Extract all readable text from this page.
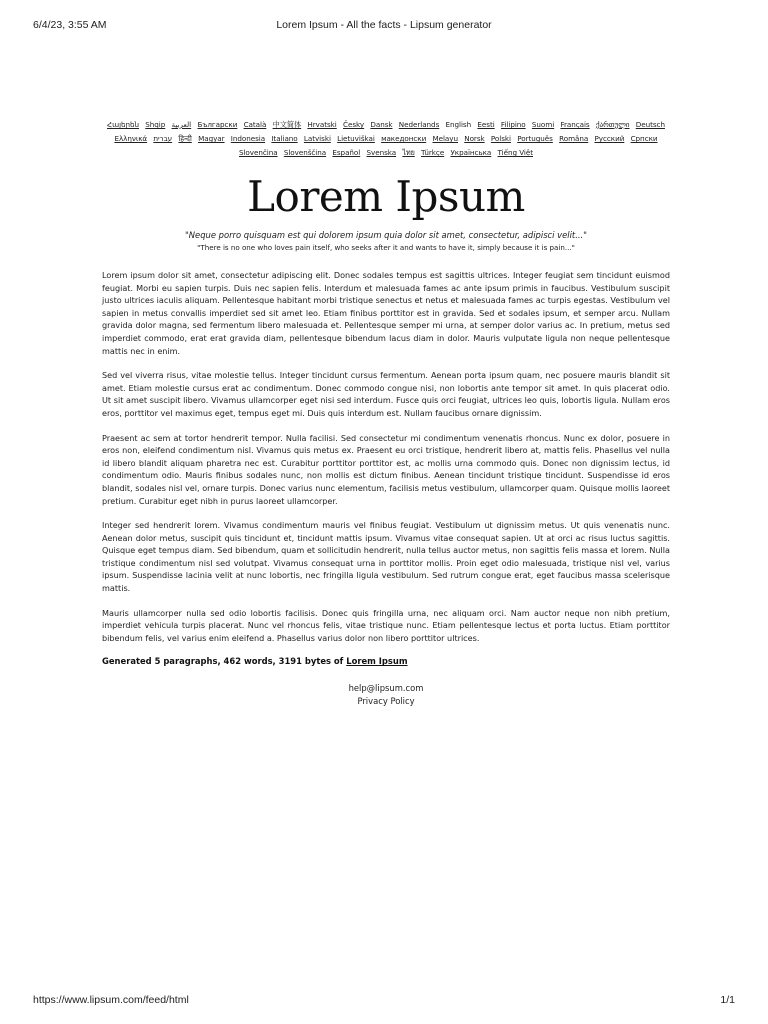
6/4/23, 3:55 AM	Lorem Ipsum - All the facts - Lipsum generator
Հայերեն Shqip العربية Български Català 中文简体 Hrvatski Česky Dansk Nederlands English Eesti Filipino Suomi Français ქართული Deutsch Ελληνικά עברית हिन्दी Magyar Indonesia Italiano Latviski Lietuviškai македонски Melayu Norsk Polski Português Româna Pyccкий Српски Slovenčina Slovenščina Español Svenska ไทย Türkçe Українська Tiếng Việt
Lorem Ipsum
"Neque porro quisquam est qui dolorem ipsum quia dolor sit amet, consectetur, adipisci velit..."
"There is no one who loves pain itself, who seeks after it and wants to have it, simply because it is pain..."

Lorem ipsum dolor sit amet, consectetur adipiscing elit. Donec sodales tempus est sagittis ultrices. Integer feugiat sem tincidunt euismod feugiat. Morbi eu sapien turpis. Duis nec sapien felis. Interdum et malesuada fames ac ante ipsum primis in faucibus. Vestibulum suscipit justo ultrices iaculis aliquam. Pellentesque habitant morbi tristique senectus et netus et malesuada fames ac turpis egestas. Vestibulum vel sapien in metus convallis imperdiet sed sit amet leo. Etiam finibus porttitor est in gravida. Sed et sodales ipsum, et semper arcu. Nullam gravida dolor magna, sed fermentum libero malesuada et. Pellentesque semper mi urna, at semper dolor varius ac. In pretium, metus sed imperdiet commodo, erat erat gravida diam, pellentesque bibendum lacus diam in dolor. Mauris vulputate ligula non neque pellentesque mattis nec in enim.

Sed vel viverra risus, vitae molestie tellus. Integer tincidunt cursus fermentum. Aenean porta ipsum quam, nec posuere mauris blandit sit amet. Etiam molestie cursus erat ac condimentum. Donec commodo congue nisi, non lobortis ante tempor sit amet. In quis placerat odio. Ut sit amet suscipit libero. Vivamus ullamcorper eget nisi sed interdum. Fusce quis orci feugiat, ultrices leo quis, lobortis ligula. Nullam eros eros, porttitor vel maximus eget, tempus eget mi. Duis quis interdum est. Nullam faucibus ornare dignissim.

Praesent ac sem at tortor hendrerit tempor. Nulla facilisi. Sed consectetur mi condimentum venenatis rhoncus. Nunc ex dolor, posuere in eros non, eleifend condimentum nisl. Vivamus quis metus ex. Praesent eu orci tristique, hendrerit libero at, mattis felis. Phasellus vel nulla id libero blandit aliquam pharetra nec est. Curabitur porttitor porttitor est, ac mollis urna commodo quis. Donec non dignissim lectus, id condimentum odio. Mauris finibus sodales nunc, non mollis est dictum finibus. Aenean tincidunt tristique tincidunt. Suspendisse id eros blandit, sodales nisl vel, ornare turpis. Donec varius nunc elementum, facilisis metus vestibulum, ullamcorper quam. Quisque mollis laoreet pretium. Curabitur eget nibh in purus laoreet ullamcorper.

Integer sed hendrerit lorem. Vivamus condimentum mauris vel finibus feugiat. Vestibulum ut dignissim metus. Ut quis venenatis nunc. Aenean dolor metus, suscipit quis tincidunt et, tincidunt mattis ipsum. Vivamus vitae consequat sapien. Ut at orci ac risus luctus sagittis. Quisque eget tempus diam. Sed bibendum, quam et sollicitudin hendrerit, nulla tellus auctor metus, non sagittis felis massa et lorem. Nulla tristique condimentum nisl sed volutpat. Vivamus consequat urna in porttitor mollis. Proin eget odio malesuada, tristique nisl vel, varius ipsum. Suspendisse lacinia velit at nunc lobortis, nec fringilla ligula vestibulum. Sed rutrum congue erat, eget faucibus massa scelerisque mattis.

Mauris ullamcorper nulla sed odio lobortis facilisis. Donec quis fringilla urna, nec aliquam orci. Nam auctor neque non nibh pretium, imperdiet vehicula turpis placerat. Nunc vel rhoncus felis, vitae tristique nunc. Etiam pellentesque lectus et porta luctus. Etiam porttitor bibendum felis, vel varius enim eleifend a. Phasellus varius dolor non libero porttitor ultrices.

Generated 5 paragraphs, 462 words, 3191 bytes of Lorem Ipsum
help@lipsum.com
Privacy Policy
https://www.lipsum.com/feed/html	1/1
